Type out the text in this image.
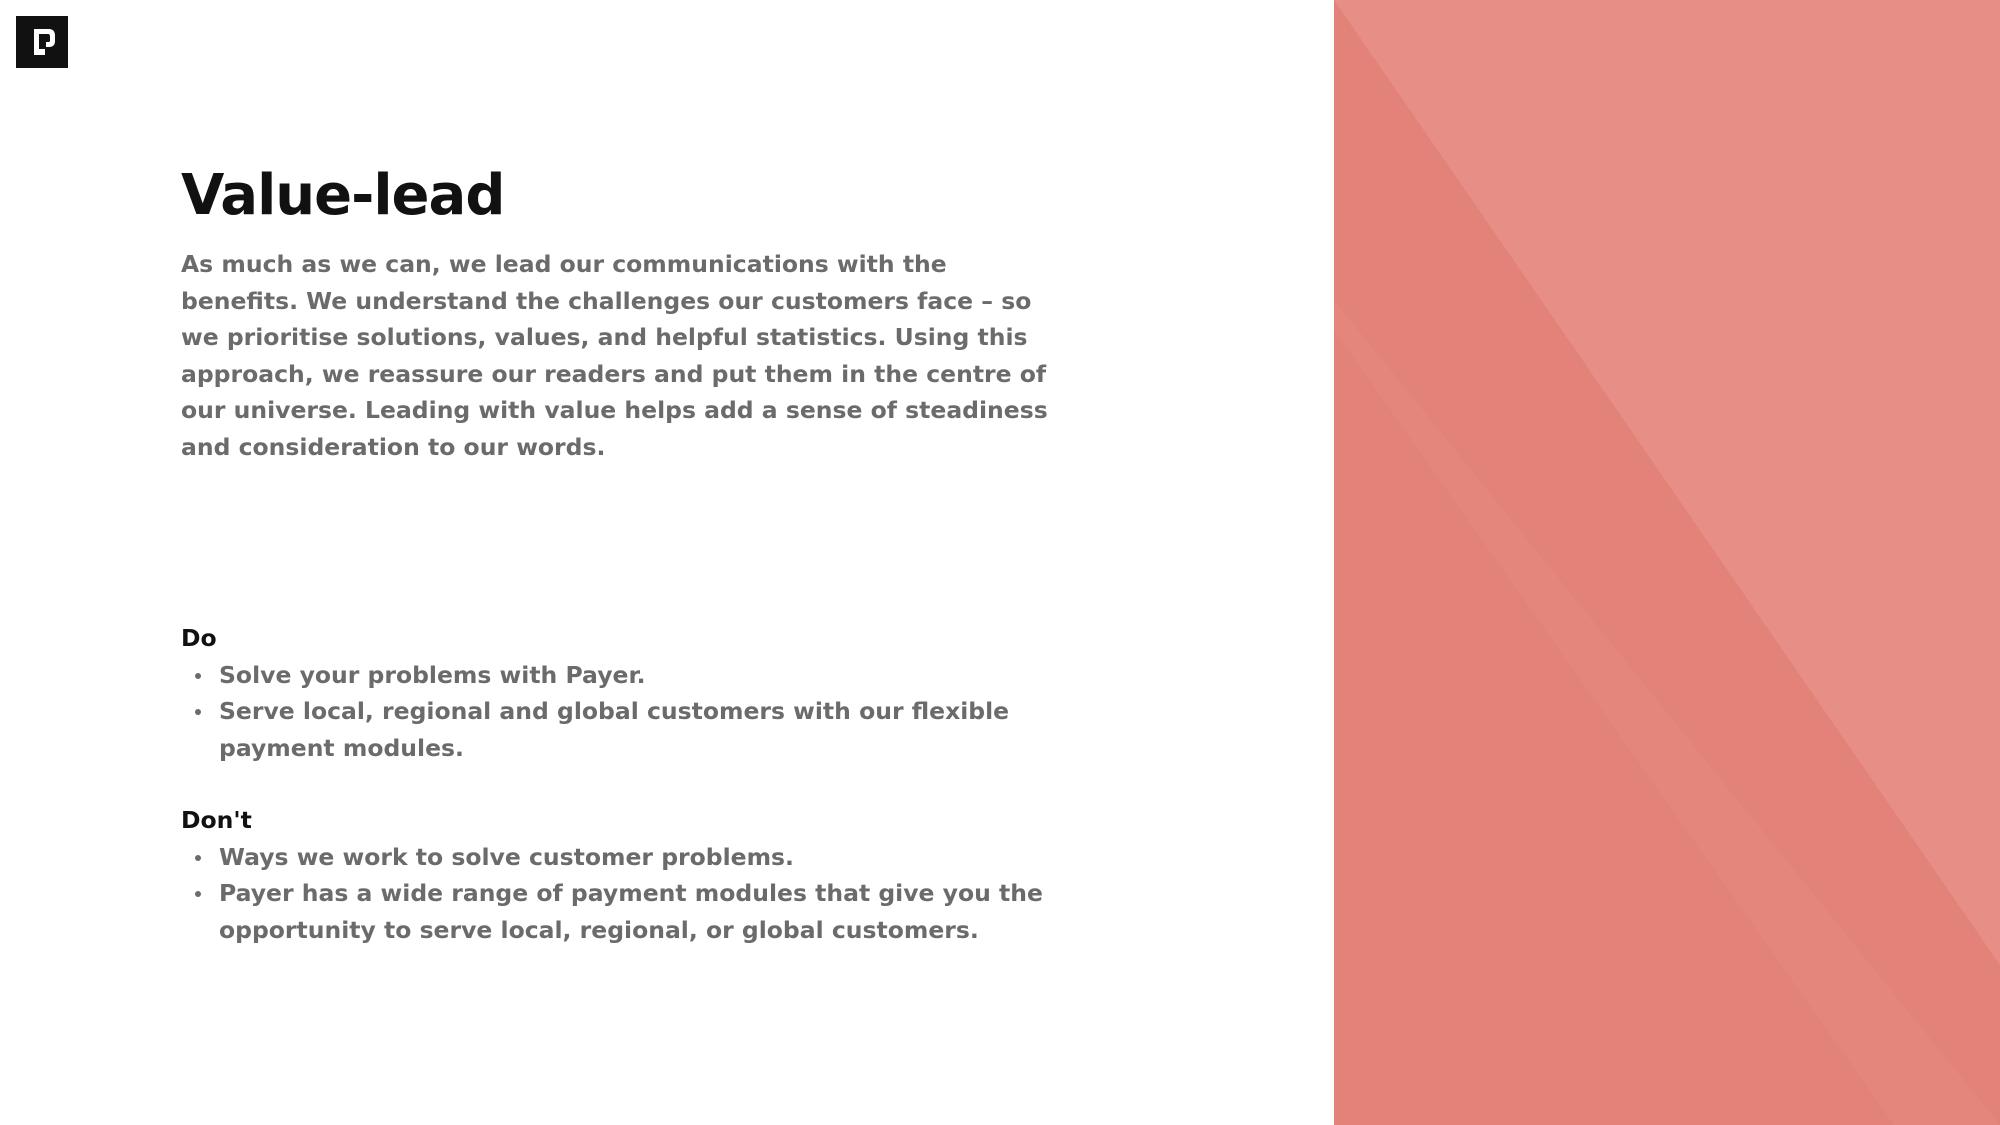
Value-lead

As much as we can, we lead our communications with the benefits. We understand the challenges our customers face – so we prioritise solutions, values, and helpful statistics. Using this approach, we reassure our readers and put them in the centre of our universe. Leading with value helps add a sense of steadiness and consideration to our words.

Do
Solve your problems with Payer.
Serve local, regional and global customers with our flexible payment modules.
Don't
Ways we work to solve customer problems.
Payer has a wide range of payment modules that give you the opportunity to serve local, regional, or global customers.
